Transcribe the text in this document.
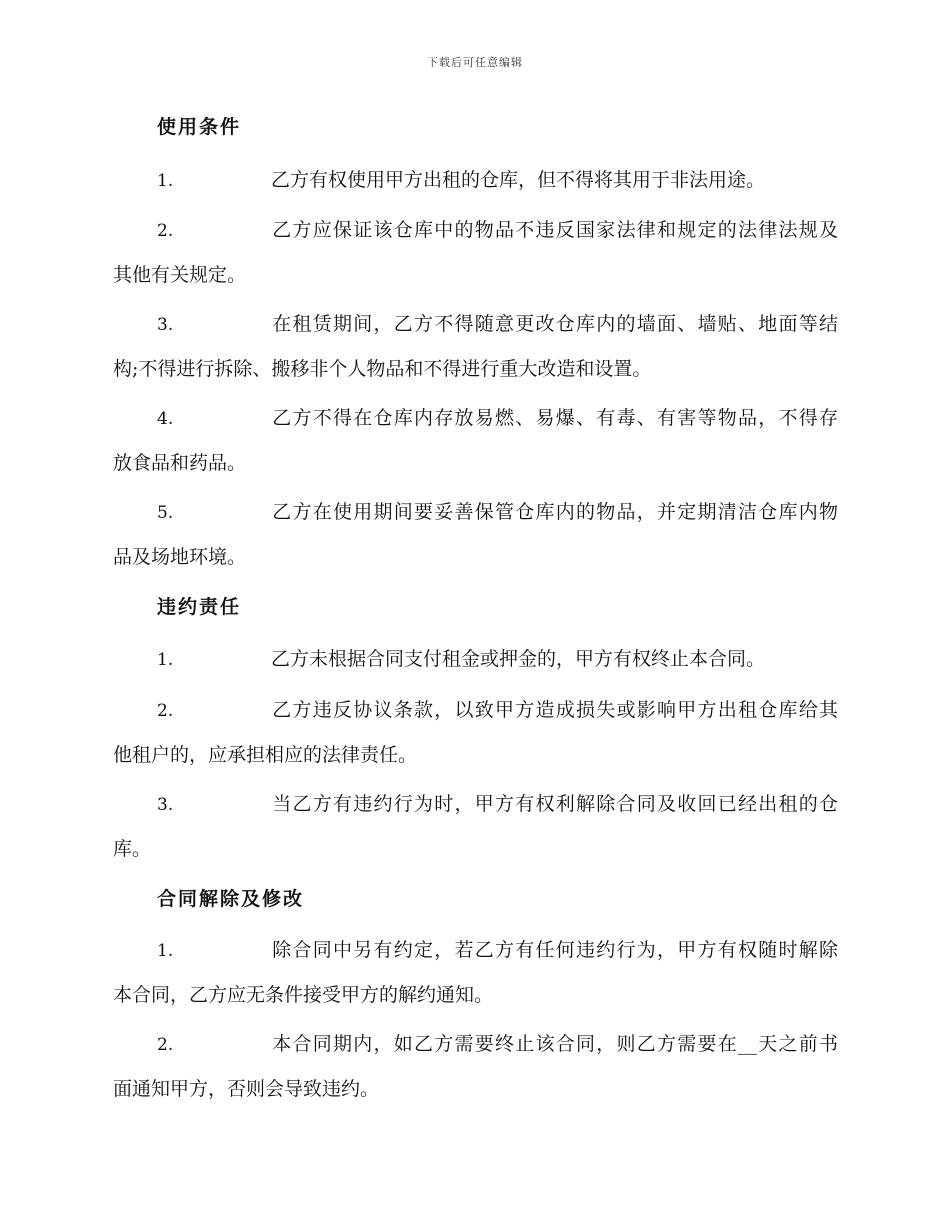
下载后可任意编辑
使用条件
1.	乙方有权使用甲方出租的仓库，但不得将其用于非法用途。
2.	乙方应保证该仓库中的物品不违反国家法律和规定的法律法规及
其他有关规定。
3.	在租赁期间，乙方不得随意更改仓库内的墙面、墙贴、地面等结
构;不得进行拆除、搬移非个人物品和不得进行重大改造和设置。
4.	乙方不得在仓库内存放易燃、易爆、有毒、有害等物品，不得存
放食品和药品。
5.	乙方在使用期间要妥善保管仓库内的物品，并定期清洁仓库内物
品及场地环境。
违约责任
1.	乙方未根据合同支付租金或押金的，甲方有权终止本合同。
2.	乙方违反协议条款，以致甲方造成损失或影响甲方出租仓库给其
他租户的，应承担相应的法律责任。
3.	当乙方有违约行为时，甲方有权利解除合同及收回已经出租的仓
库。
合同解除及修改
1.	除合同中另有约定，若乙方有任何违约行为，甲方有权随时解除
本合同，乙方应无条件接受甲方的解约通知。
2.	本合同期内，如乙方需要终止该合同，则乙方需要在__天之前书
面通知甲方，否则会导致违约。
